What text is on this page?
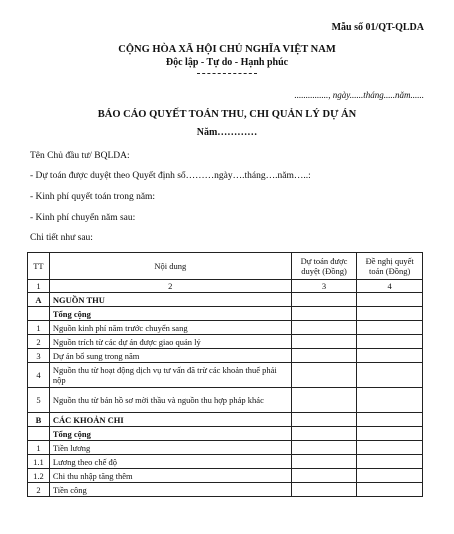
Mẫu số 01/QT-QLDA
CỘNG HÒA XÃ HỘI CHỦ NGHĨA VIỆT NAM
Độc lập - Tự do - Hạnh phúc
..............., ngày......tháng.....năm......
BÁO CÁO QUYẾT TOÁN THU, CHI QUẢN LÝ DỰ ÁN
Năm…………
Tên Chủ đầu tư/ BQLDA:
- Dự toán được duyệt theo Quyết định số………ngày….tháng….năm…..:
- Kinh phí quyết toán trong năm:
- Kinh phí chuyển năm sau:
Chi tiết như sau:
TT	Nội dung	Dự toán được duyệt (Đồng)	Đề nghị quyết toán (Đồng)
1	2	3	4
A	NGUỒN THU		
	Tổng cộng		
1	Nguồn kinh phí năm trước chuyển sang		
2	Nguồn trích từ các dự án được giao quản lý		
3	Dự án bổ sung trong năm		
4	Nguồn thu từ hoạt động dịch vụ tư vấn đã trừ các khoản thuế phải nộp		
5	Nguồn thu từ bán hồ sơ mời thầu và nguồn thu hợp pháp khác		
B	CÁC KHOẢN CHI		
	Tổng cộng		
1	Tiền lương		
1.1	Lương theo chế độ		
1.2	Chi thu nhập tăng thêm		
2	Tiền công		
